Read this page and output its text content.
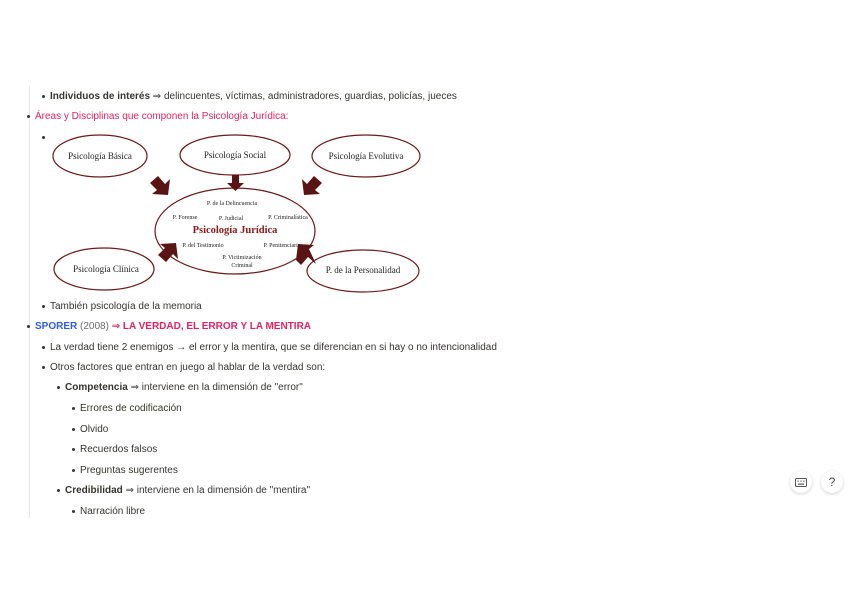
Individuos de interés ⇒ delincuentes, víctimas, administradores, guardias, policías, jueces
Áreas y Disciplinas que componen la Psicología Jurídica:
Psicología Básica	Psicología Social	Psicología Evolutiva
Psicología Clínica	P. de la Personalidad
Psicología Jurídica
P. de la Delincuencia
P. Forense	P. Judicial	P. Criminalística
P. del Testimonio	P. Penitenciaria
P. Victimización
Criminal
También psicología de la memoria
SPORER (2008) ⇒ LA VERDAD, EL ERROR Y LA MENTIRA
La verdad tiene 2 enemigos → el error y la mentira, que se diferencian en si hay o no intencionalidad
Otros factores que entran en juego al hablar de la verdad son:
Competencia ⇒ interviene en la dimensión de "error"
Errores de codificación
Olvido
Recuerdos falsos
Preguntas sugerentes
Credibilidad ⇒ interviene en la dimensión de "mentira"
Narración libre
?
